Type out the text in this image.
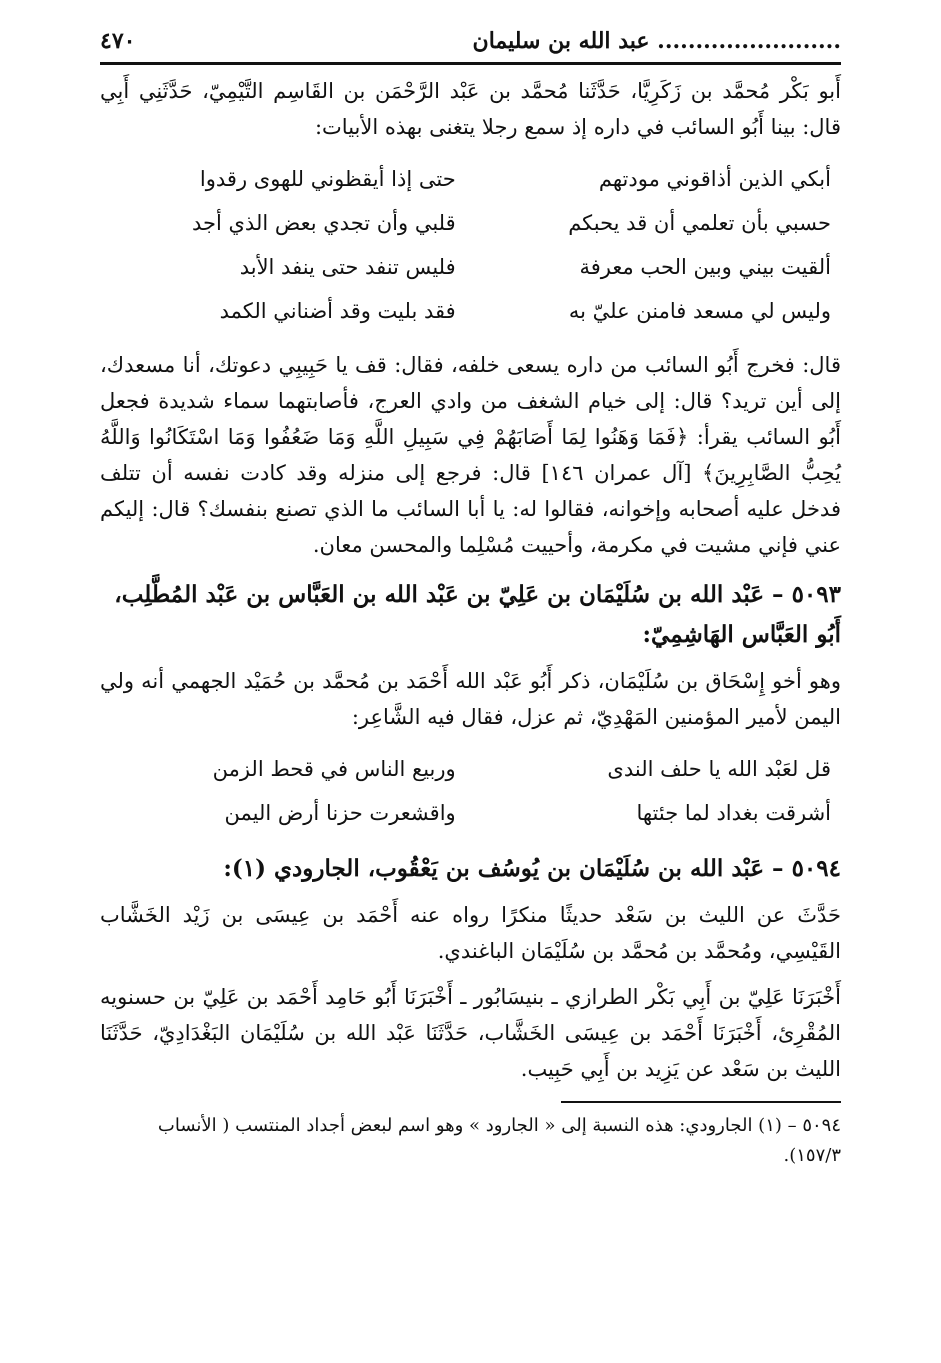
........................ عبد الله بن سليمان
٤٧٠

أَبو بَكْر مُحمَّد بن زَكَرِيَّا، حَدَّثَنا مُحمَّد بن عَبْد الرَّحْمَن بن القَاسِم التَّيْمِيّ، حَدَّثَنِي أَبِي قال: بينا أَبُو السائب في داره إذ سمع رجلا يتغنى بهذه الأبيات:

أبكي الذين أذاقوني مودتهم
حتى إذا أيقظوني للهوى رقدوا
حسبي بأن تعلمي أن قد يحبكم
قلبي وأن تجدي بعض الذي أجد
ألقيت بيني وبين الحب معرفة
فليس تنفد حتى ينفد الأبد
وليس لي مسعد فامنن عليّ به
فقد بليت وقد أضناني الكمد

قال: فخرج أَبُو السائب من داره يسعى خلفه، فقال: قف يا حَبِيبِي دعوتك، أنا مسعدك، إلى أين تريد؟ قال: إلى خيام الشغف من وادي العرج، فأصابتهما سماء شديدة فجعل أَبُو السائب يقرأ: ﴿فَمَا وَهَنُوا لِمَا أَصَابَهُمْ فِي سَبِيلِ اللَّهِ وَمَا ضَعُفُوا وَمَا اسْتَكَانُوا وَاللَّهُ يُحِبُّ الصَّابِرِينَ﴾ [آل عمران ١٤٦] قال: فرجع إلى منزله وقد كادت نفسه أن تتلف فدخل عليه أصحابه وإخوانه، فقالوا له: يا أبا السائب ما الذي تصنع بنفسك؟ قال: إليكم عني فإني مشيت في مكرمة، وأحييت مُسْلِما والمحسن معان.

٥٠٩٣ – عَبْد الله بن سُلَيْمَان بن عَلِيّ بن عَبْد الله بن العَبَّاس بن عَبْد المُطَّلِب،
أَبُو العَبَّاس الهَاشِمِيّ:

وهو أخو إِسْحَاق بن سُلَيْمَان، ذكر أَبُو عَبْد الله أَحْمَد بن مُحمَّد بن حُمَيْد الجهمي أنه ولي اليمن لأمير المؤمنين المَهْدِيّ، ثم عزل، فقال فيه الشَّاعِر:

قل لعَبْد الله يا حلف الندى
وربيع الناس في قحط الزمن
أشرقت بغداد لما جئتها
واقشعرت حزنا أرض اليمن
٥٠٩٤ – عَبْد الله بن سُلَيْمَان بن يُوسُف بن يَعْقُوب، الجارودي (١):

حَدَّثَ عن الليث بن سَعْد حديثًا منكرًا رواه عنه أَحْمَد بن عِيسَى بن زَيْد الخَشَّاب القَيْسِي، ومُحمَّد بن مُحمَّد بن سُلَيْمَان الباغندي.

أَخْبَرَنَا عَلِيّ بن أَبِي بَكْر الطرازي ـ بنيسَابُور ـ أَخْبَرَنَا أَبُو حَامِد أَحْمَد بن عَلِيّ بن حسنويه المُقْرِئ، أَخْبَرَنَا أَحْمَد بن عِيسَى الخَشَّاب، حَدَّثَنَا عَبْد الله بن سُلَيْمَان البَغْدَادِيّ، حَدَّثَنَا الليث بن سَعْد عن يَزِيد بن أَبِي حَبِيب.

٥٠٩٤ – (١) الجارودي: هذه النسبة إلى « الجارود » وهو اسم لبعض أجداد المنتسب ( الأنساب
١٥٧/٣).
